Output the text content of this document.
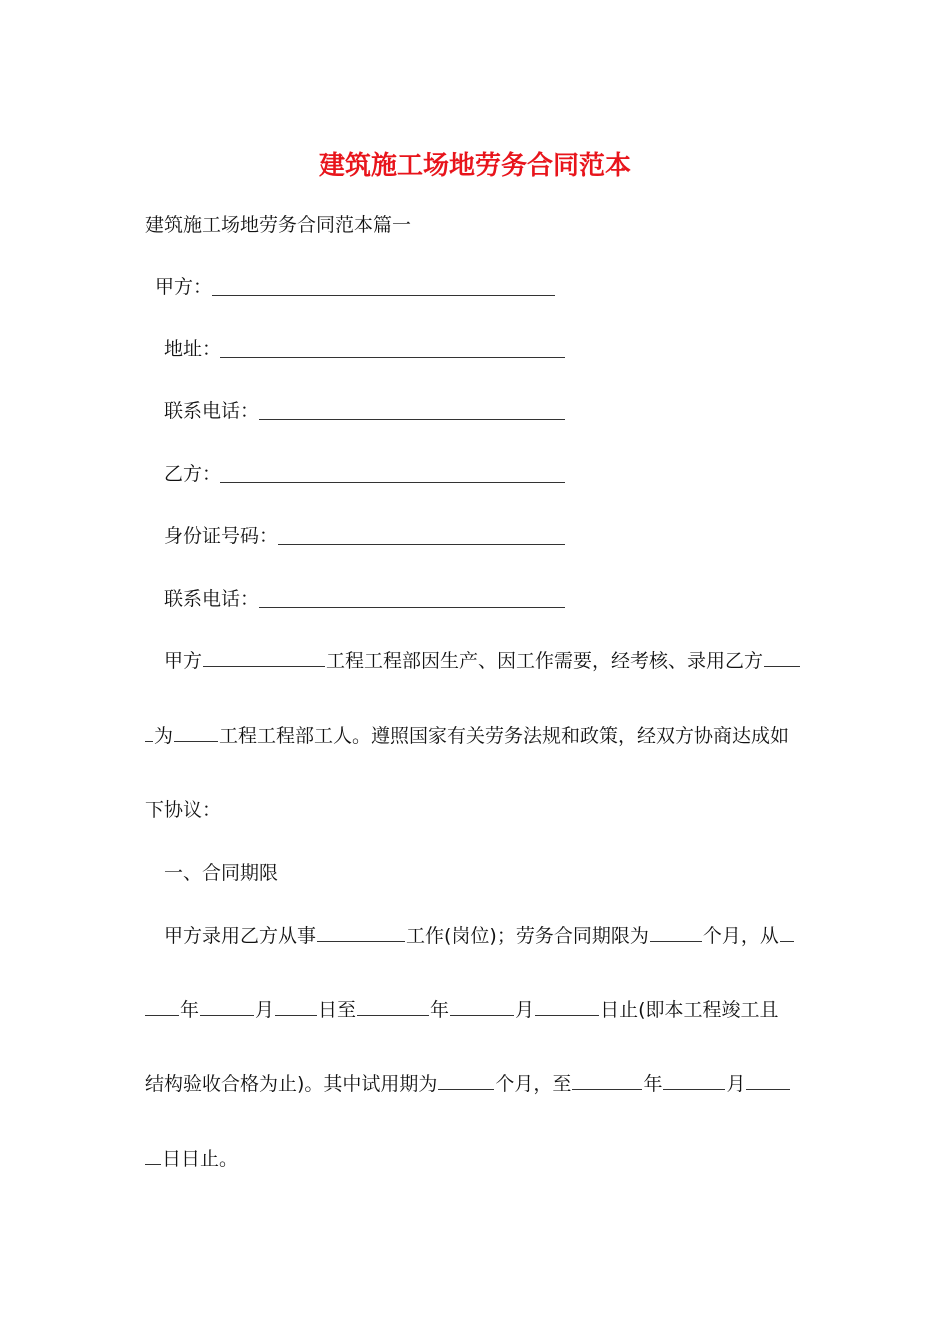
建筑施工场地劳务合同范本
建筑施工场地劳务合同范本篇一
甲方：
地址：
联系电话：
乙方：
身份证号码：
联系电话：
甲方	工程工程部因生产、因工作需要，经考核、录用乙方
为 工程工程部工人。遵照国家有关劳务法规和政策，经双方协商达成如
下协议：
一、合同期限
甲方录用乙方从事	工作(岗位)；劳务合同期限为	个月，从
年	月 日至	年	月	日止(即本工程竣工且
结构验收合格为止)。其中试用期为	个月，至	年	月
日日止。
